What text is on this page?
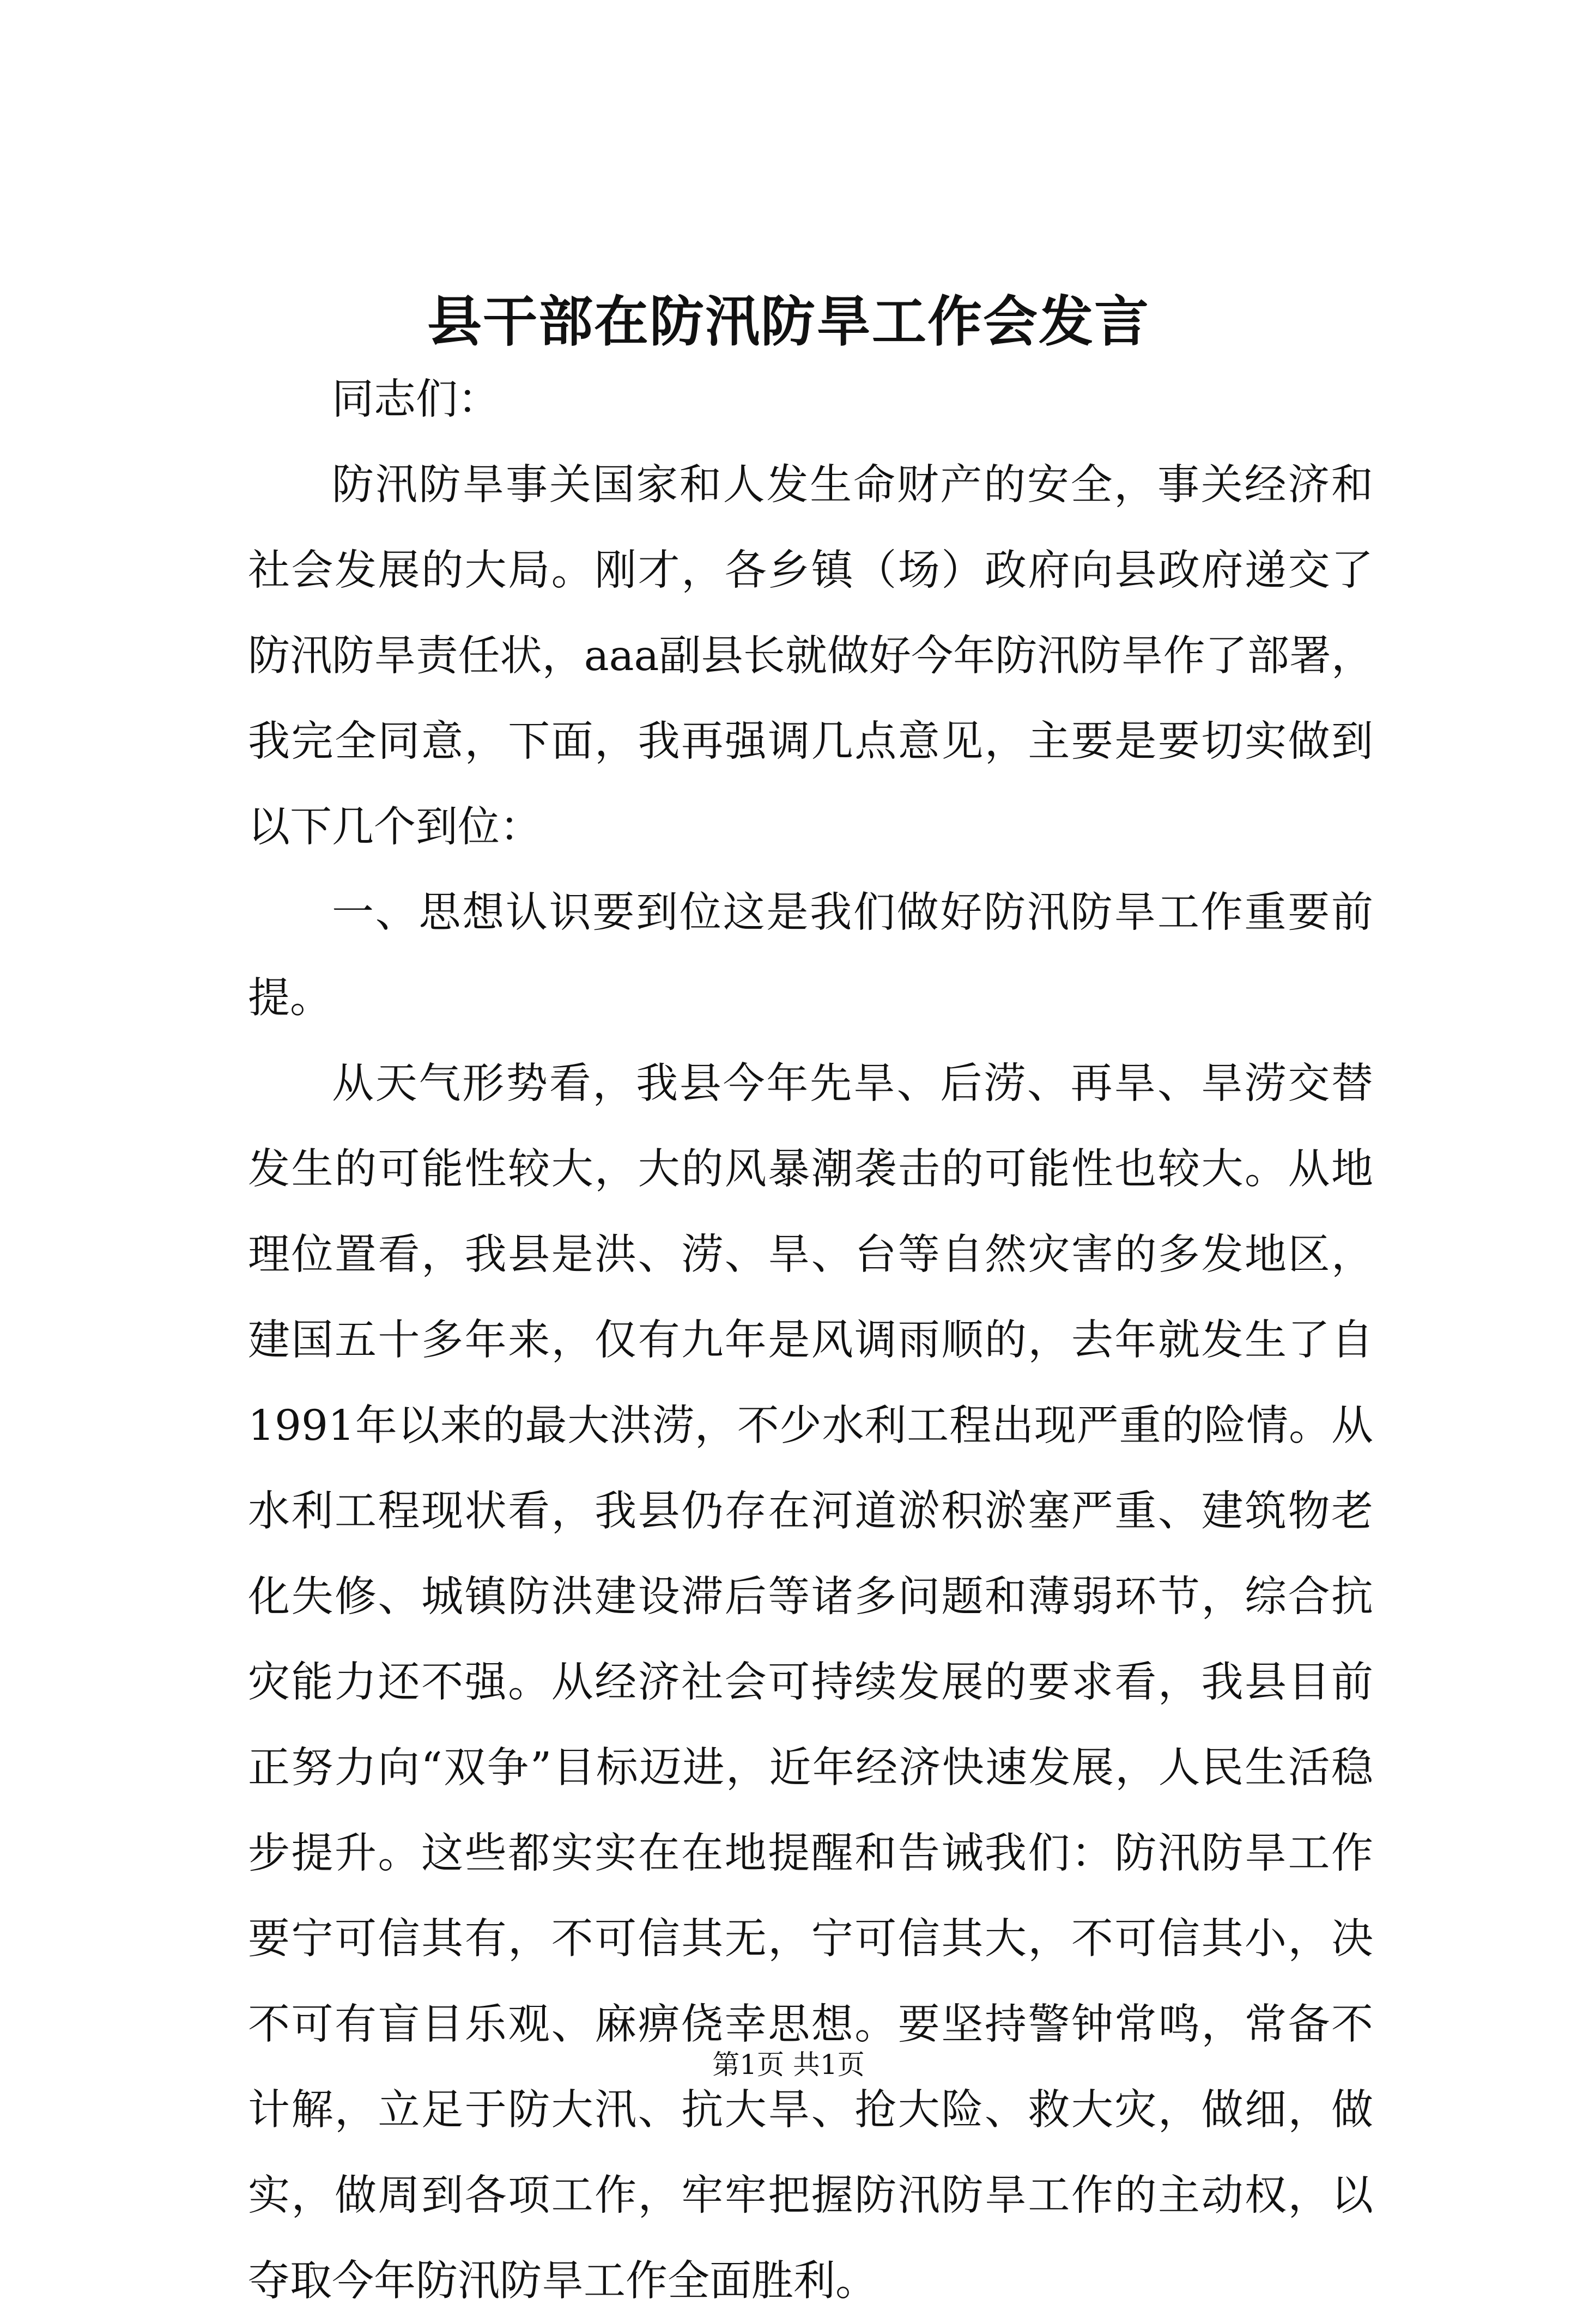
县干部在防汛防旱工作会发言

同志们：

防汛防旱事关国家和人发生命财产的安全，事关经济和社会发展的大局。刚才，各乡镇（场）政府向县政府递交了防汛防旱责任状，aaa副县长就做好今年防汛防旱作了部署，我完全同意，下面，我再强调几点意见，主要是要切实做到以下几个到位：

一、思想认识要到位这是我们做好防汛防旱工作重要前提。

从天气形势看，我县今年先旱、后涝、再旱、旱涝交替发生的可能性较大，大的风暴潮袭击的可能性也较大。从地理位置看，我县是洪、涝、旱、台等自然灾害的多发地区，建国五十多年来，仅有九年是风调雨顺的，去年就发生了自1991年以来的最大洪涝，不少水利工程出现严重的险情。从水利工程现状看，我县仍存在河道淤积淤塞严重、建筑物老化失修、城镇防洪建设滞后等诸多问题和薄弱环节，综合抗灾能力还不强。从经济社会可持续发展的要求看，我县目前正努力向“双争”目标迈进，近年经济快速发展，人民生活稳步提升。这些都实实在在地提醒和告诫我们：防汛防旱工作要宁可信其有，不可信其无，宁可信其大，不可信其小，决不可有盲目乐观、麻痹侥幸思想。要坚持警钟常鸣，常备不计解，立足于防大汛、抗大旱、抢大险、救大灾，做细，做实，做周到各项工作，牢牢把握防汛防旱工作的主动权，以夺取今年防汛防旱工作全面胜利。

第1页 共1页
